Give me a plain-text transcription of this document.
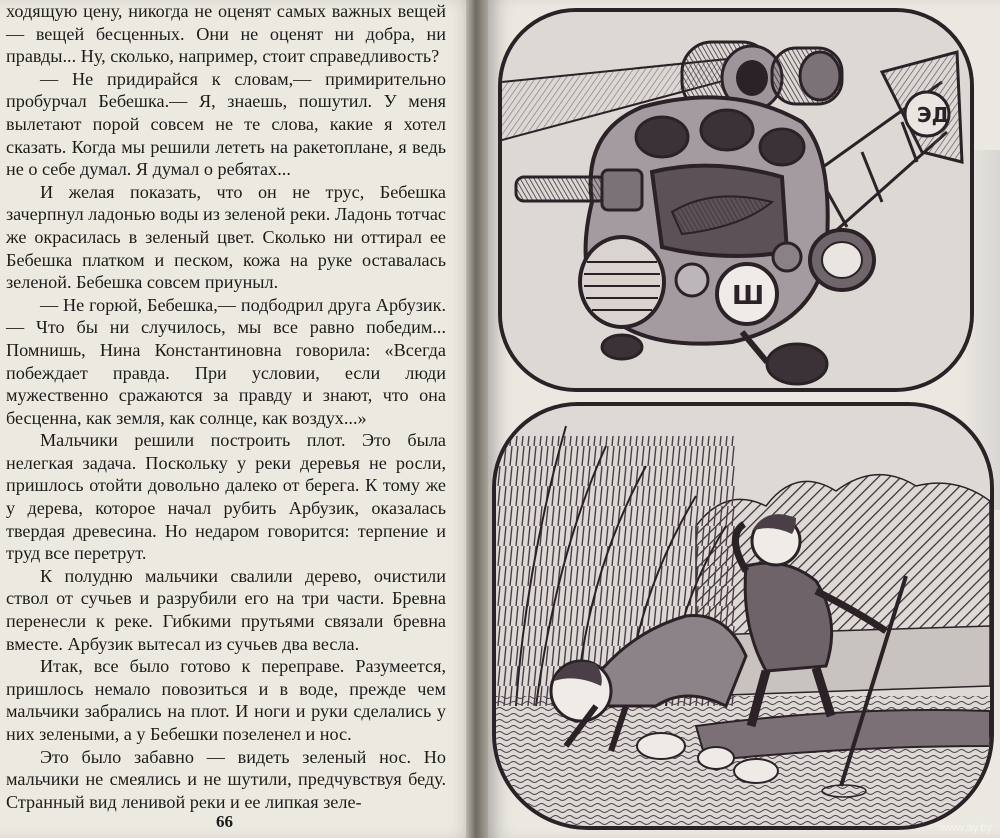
ходящую цену, никогда не оценят самых важных вещей — вещей бесценных. Они не оценят ни добра, ни правды... Ну, сколько, например, стоит справедливость?

— Не придирайся к словам,— примирительно пробурчал Бебешка.— Я, знаешь, пошутил. У меня вылетают порой совсем не те слова, какие я хотел сказать. Когда мы решили лететь на ракетоплане, я ведь не о себе думал. Я думал о ребятах...

И желая показать, что он не трус, Бебешка зачерпнул ладонью воды из зеленой реки. Ладонь тотчас же окрасилась в зеленый цвет. Сколько ни оттирал ее Бебешка платком и песком, кожа на руке оставалась зеленой. Бебешка совсем приуныл.

— Не горюй, Бебешка,— подбодрил друга Арбузик.— Что бы ни случилось, мы все равно победим... Помнишь, Нина Константиновна говорила: «Всегда побеждает правда. При условии, если люди мужественно сражаются за правду и знают, что она бесценна, как земля, как солнце, как воздух...»

Мальчики решили построить плот. Это была нелегкая задача. Поскольку у реки деревья не росли, пришлось отойти довольно далеко от берега. К тому же у дерева, которое начал рубить Арбузик, оказалась твердая древесина. Но недаром говорится: терпение и труд все перетрут.

К полудню мальчики свалили дерево, очистили ствол от сучьев и разрубили его на три части. Бревна перенесли к реке. Гибкими прутьями связали бревна вместе. Арбузик вытесал из сучьев два весла.

Итак, все было готово к переправе. Разумеется, пришлось немало повозиться и в воде, прежде чем мальчики забрались на плот. И ноги и руки сделались у них зелеными, а у Бебешки позеленел и нос.

Это было забавно — видеть зеленый нос. Но мальчики не смеялись и не шутили, предчувствуя беду. Странный вид ленивой реки и ее липкая зеле-

66
ЭД
Ш
www.ay.by
